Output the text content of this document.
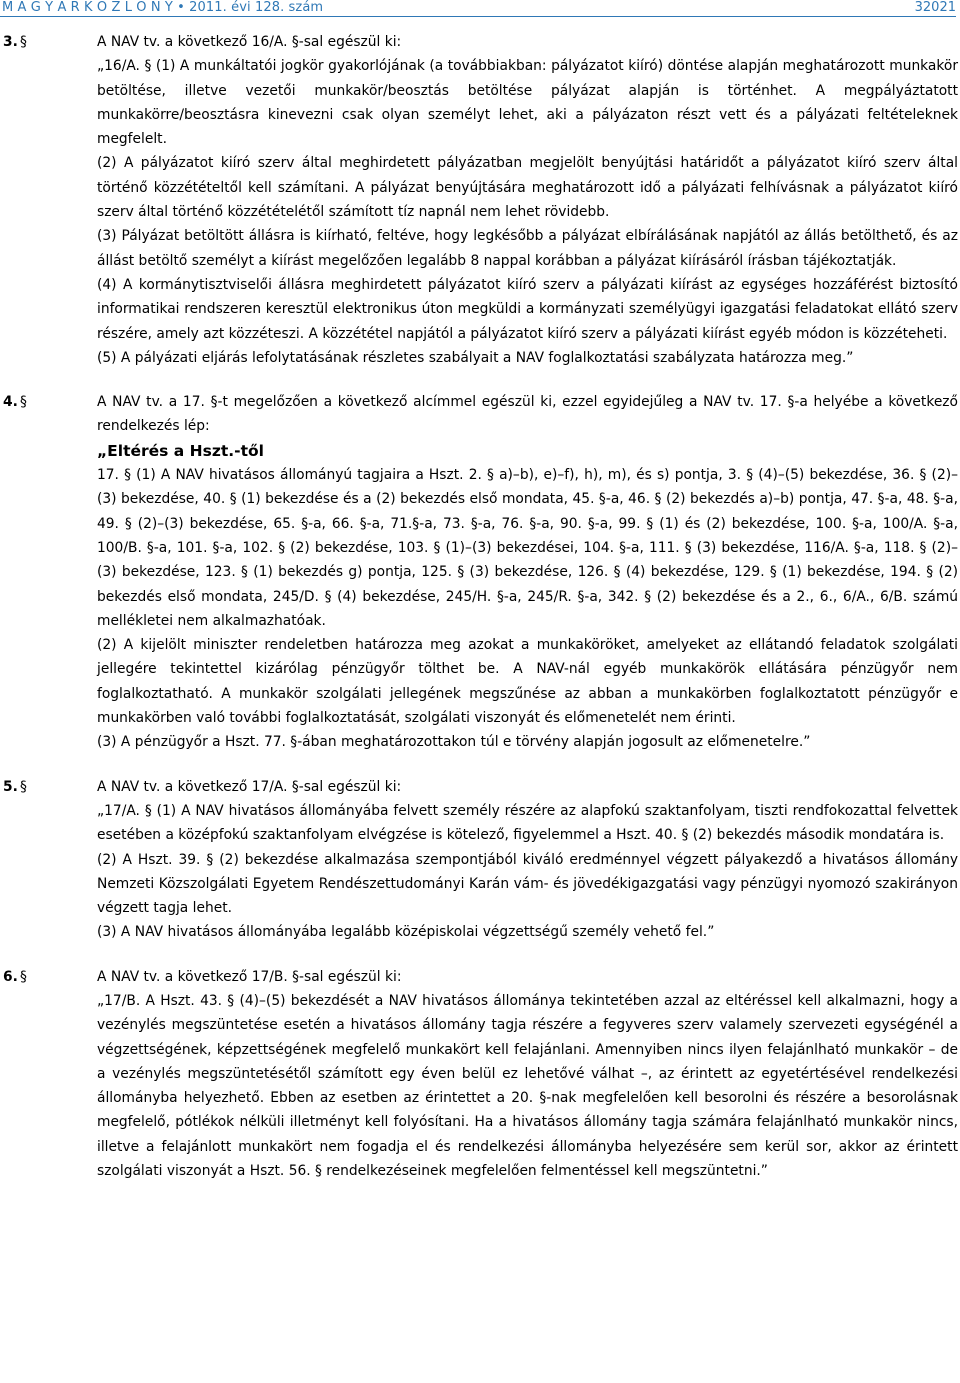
M A G Y A R K Ö Z L Ö N Y • 2011. évi 128. szám	32021
3. §	A NAV tv. a következő 16/A. §-sal egészül ki:

„16/A. § (1) A munkáltatói jogkör gyakorlójának (a továbbiakban: pályázatot kiíró) döntése alapján meghatározott munkakör betöltése, illetve vezetői munkakör/beosztás betöltése pályázat alapján is történhet. A megpályáztatott munkakörre/beosztásra kinevezni csak olyan személyt lehet, aki a pályázaton részt vett és a pályázati feltételeknek megfelelt.

(2) A pályázatot kiíró szerv által meghirdetett pályázatban megjelölt benyújtási határidőt a pályázatot kiíró szerv által történő közzétételtől kell számítani. A pályázat benyújtására meghatározott idő a pályázati felhívásnak a pályázatot kiíró szerv által történő közzétételétől számított tíz napnál nem lehet rövidebb.

(3) Pályázat betöltött állásra is kiírható, feltéve, hogy legkésőbb a pályázat elbírálásának napjától az állás betölthető, és az állást betöltő személyt a kiírást megelőzően legalább 8 nappal korábban a pályázat kiírásáról írásban tájékoztatják.

(4) A kormánytisztviselői állásra meghirdetett pályázatot kiíró szerv a pályázati kiírást az egységes hozzáférést biztosító informatikai rendszeren keresztül elektronikus úton megküldi a kormányzati személyügyi igazgatási feladatokat ellátó szerv részére, amely azt közzéteszi. A közzététel napjától a pályázatot kiíró szerv a pályázati kiírást egyéb módon is közzéteheti.

(5) A pályázati eljárás lefolytatásának részletes szabályait a NAV foglalkoztatási szabályzata határozza meg.”

4. §	A NAV tv. a 17. §-t megelőzően a következő alcímmel egészül ki, ezzel egyidejűleg a NAV tv. 17. §-a helyébe a következő rendelkezés lép:

„Eltérés a Hszt.-től

17. § (1) A NAV hivatásos állományú tagjaira a Hszt. 2. § a)–b), e)–f), h), m), és s) pontja, 3. § (4)–(5) bekezdése, 36. § (2)–(3) bekezdése, 40. § (1) bekezdése és a (2) bekezdés első mondata, 45. §-a, 46. § (2) bekezdés a)–b) pontja, 47. §-a, 48. §-a, 49. § (2)–(3) bekezdése, 65. §-a, 66. §-a, 71.§-a, 73. §-a, 76. §-a, 90. §-a, 99. § (1) és (2) bekezdése, 100. §-a, 100/A. §-a, 100/B. §-a, 101. §-a, 102. § (2) bekezdése, 103. § (1)–(3) bekezdései, 104. §-a, 111. § (3) bekezdése, 116/A. §-a, 118. § (2)–(3) bekezdése, 123. § (1) bekezdés g) pontja, 125. § (3) bekezdése, 126. § (4) bekezdése, 129. § (1) bekezdése, 194. § (2) bekezdés első mondata, 245/D. § (4) bekezdése, 245/H. §-a, 245/R. §-a, 342. § (2) bekezdése és a 2., 6., 6/A., 6/B. számú mellékletei nem alkalmazhatóak.

(2) A kijelölt miniszter rendeletben határozza meg azokat a munkaköröket, amelyeket az ellátandó feladatok szolgálati jellegére tekintettel kizárólag pénzügyőr tölthet be. A NAV-nál egyéb munkakörök ellátására pénzügyőr nem foglalkoztatható. A munkakör szolgálati jellegének megszűnése az abban a munkakörben foglalkoztatott pénzügyőr e munkakörben való további foglalkoztatását, szolgálati viszonyát és előmenetelét nem érinti.

(3) A pénzügyőr a Hszt. 77. §-ában meghatározottakon túl e törvény alapján jogosult az előmenetelre.”

5. §	A NAV tv. a következő 17/A. §-sal egészül ki:

„17/A. § (1) A NAV hivatásos állományába felvett személy részére az alapfokú szaktanfolyam, tiszti rendfokozattal felvettek esetében a középfokú szaktanfolyam elvégzése is kötelező, figyelemmel a Hszt. 40. § (2) bekezdés második mondatára is.

(2) A Hszt. 39. § (2) bekezdése alkalmazása szempontjából kiváló eredménnyel végzett pályakezdő a hivatásos állomány Nemzeti Közszolgálati Egyetem Rendészettudományi Karán vám- és jövedékigazgatási vagy pénzügyi nyomozó szakirányon végzett tagja lehet.

(3) A NAV hivatásos állományába legalább középiskolai végzettségű személy vehető fel.”

6. §	A NAV tv. a következő 17/B. §-sal egészül ki:

„17/B. A Hszt. 43. § (4)–(5) bekezdését a NAV hivatásos állománya tekintetében azzal az eltéréssel kell alkalmazni, hogy a vezénylés megszüntetése esetén a hivatásos állomány tagja részére a fegyveres szerv valamely szervezeti egységénél a végzettségének, képzettségének megfelelő munkakört kell felajánlani. Amennyiben nincs ilyen felajánlható munkakör – de a vezénylés megszüntetésétől számított egy éven belül ez lehetővé válhat –, az érintett az egyetértésével rendelkezési állományba helyezhető. Ebben az esetben az érintettet a 20. §-nak megfelelően kell besorolni és részére a besorolásnak megfelelő, pótlékok nélküli illetményt kell folyósítani. Ha a hivatásos állomány tagja számára felajánlható munkakör nincs, illetve a felajánlott munkakört nem fogadja el és rendelkezési állományba helyezésére sem kerül sor, akkor az érintett szolgálati viszonyát a Hszt. 56. § rendelkezéseinek megfelelően felmentéssel kell megszüntetni.”
